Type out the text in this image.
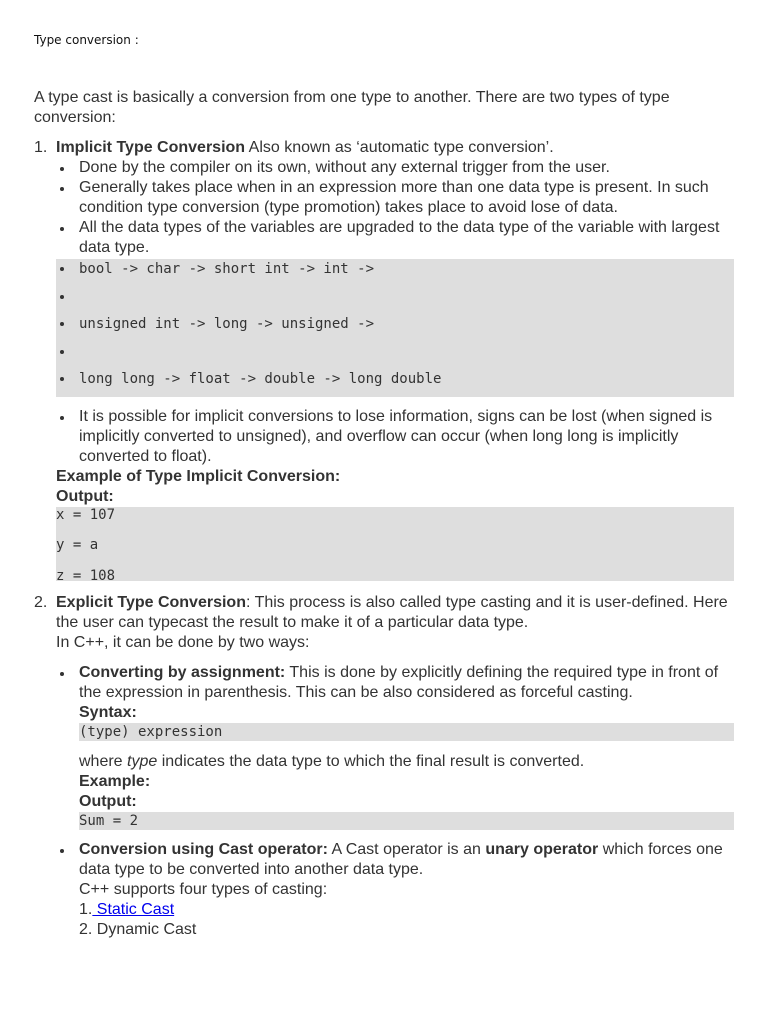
Type conversion :

A type cast is basically a conversion from one type to another. There are two types of type conversion:

1. Implicit Type Conversion Also known as ‘automatic type conversion’.

Done by the compiler on its own, without any external trigger from the user.
Generally takes place when in an expression more than one data type is present. In such condition type conversion (type promotion) takes place to avoid lose of data.
All the data types of the variables are upgraded to the data type of the variable with largest data type.
bool -> char -> short int -> int ->
unsigned int -> long -> unsigned ->
long long -> float -> double -> long double
It is possible for implicit conversions to lose information, signs can be lost (when signed is implicitly converted to unsigned), and overflow can occur (when long long is implicitly converted to float).

Example of Type Implicit Conversion:

Output:

x = 107
y = a
z = 108
2. Explicit Type Conversion: This process is also called type casting and it is user-defined. Here the user can typecast the result to make it of a particular data type.

In C++, it can be done by two ways:

Converting by assignment: This is done by explicitly defining the required type in front of the expression in parenthesis. This can be also considered as forceful casting.

Syntax:

(type) expression

where type indicates the data type to which the final result is converted.

Example:

Output:

Sum = 2

Conversion using Cast operator: A Cast operator is an unary operator which forces one data type to be converted into another data type.

C++ supports four types of casting:

1. Static Cast

2. Dynamic Cast
